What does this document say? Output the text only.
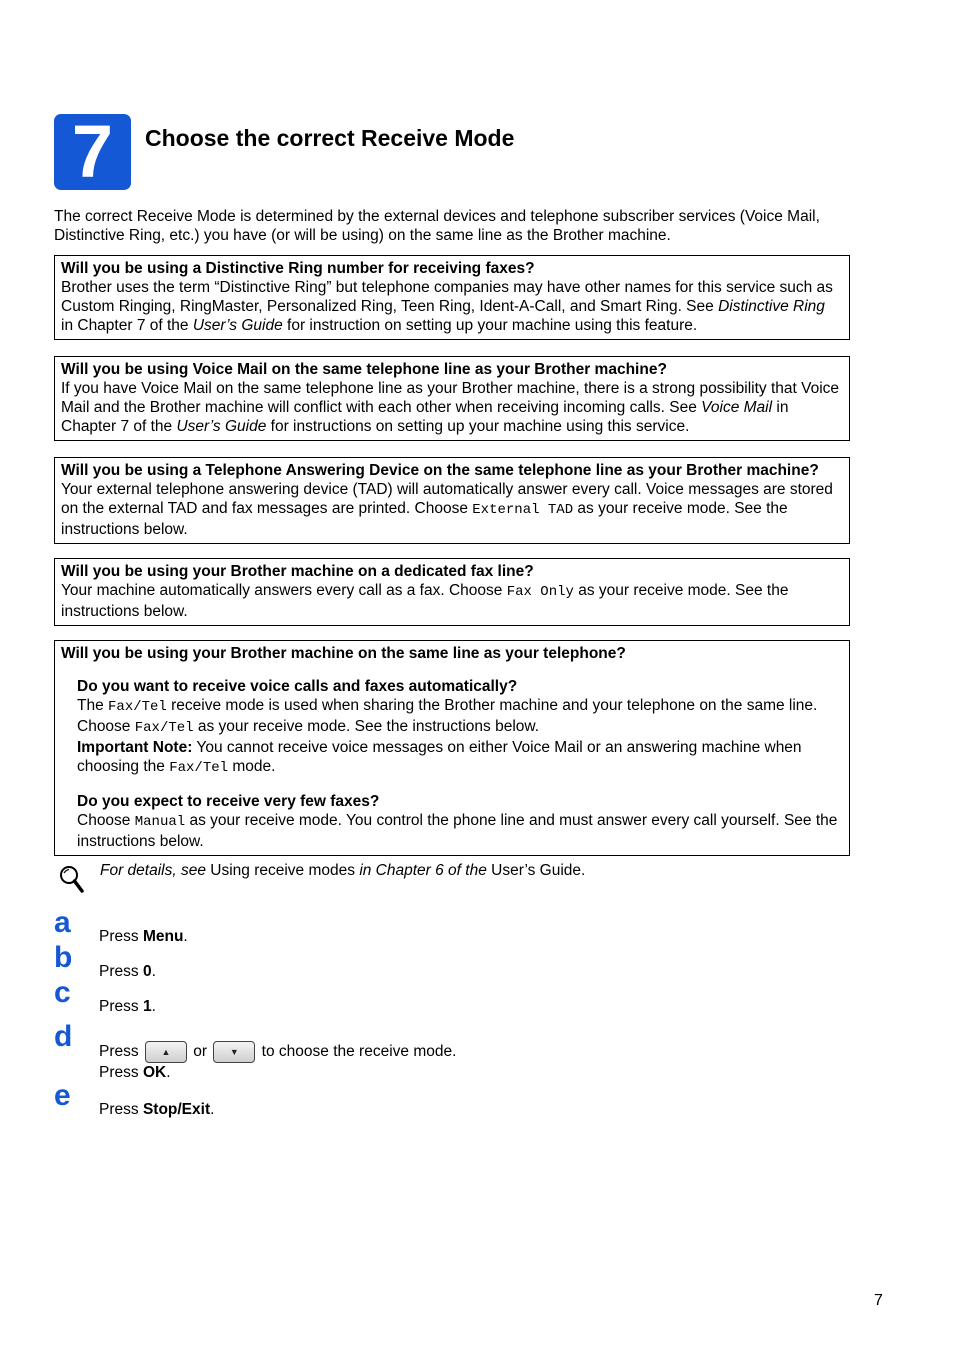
7	Choose the correct Receive Mode
The correct Receive Mode is determined by the external devices and telephone subscriber services (Voice Mail, Distinctive Ring, etc.) you have (or will be using) on the same line as the Brother machine.
Will you be using a Distinctive Ring number for receiving faxes?
Brother uses the term “Distinctive Ring” but telephone companies may have other names for this service such as Custom Ringing, RingMaster, Personalized Ring, Teen Ring, Ident-A-Call, and Smart Ring. See Distinctive Ring in Chapter 7 of the User’s Guide for instruction on setting up your machine using this feature.
Will you be using Voice Mail on the same telephone line as your Brother machine?
If you have Voice Mail on the same telephone line as your Brother machine, there is a strong possibility that Voice Mail and the Brother machine will conflict with each other when receiving incoming calls. See Voice Mail in Chapter 7 of the User’s Guide for instructions on setting up your machine using this service.
Will you be using a Telephone Answering Device on the same telephone line as your Brother machine?
Your external telephone answering device (TAD) will automatically answer every call. Voice messages are stored on the external TAD and fax messages are printed. Choose External TAD as your receive mode. See the instructions below.
Will you be using your Brother machine on a dedicated fax line?
Your machine automatically answers every call as a fax. Choose Fax Only as your receive mode. See the instructions below.
Will you be using your Brother machine on the same line as your telephone?
Do you want to receive voice calls and faxes automatically?
The Fax/Tel receive mode is used when sharing the Brother machine and your telephone on the same line. Choose Fax/Tel as your receive mode. See the instructions below.
Important Note: You cannot receive voice messages on either Voice Mail or an answering machine when choosing the Fax/Tel mode.
Do you expect to receive very few faxes?
Choose Manual as your receive mode. You control the phone line and must answer every call yourself. See the instructions below.
For details, see Using receive modes in Chapter 6 of the User’s Guide.
a Press Menu.
b Press 0.
c Press 1.
d Press	▲ or	▼ to choose the receive mode.
Press OK.
e Press Stop/Exit.
7
